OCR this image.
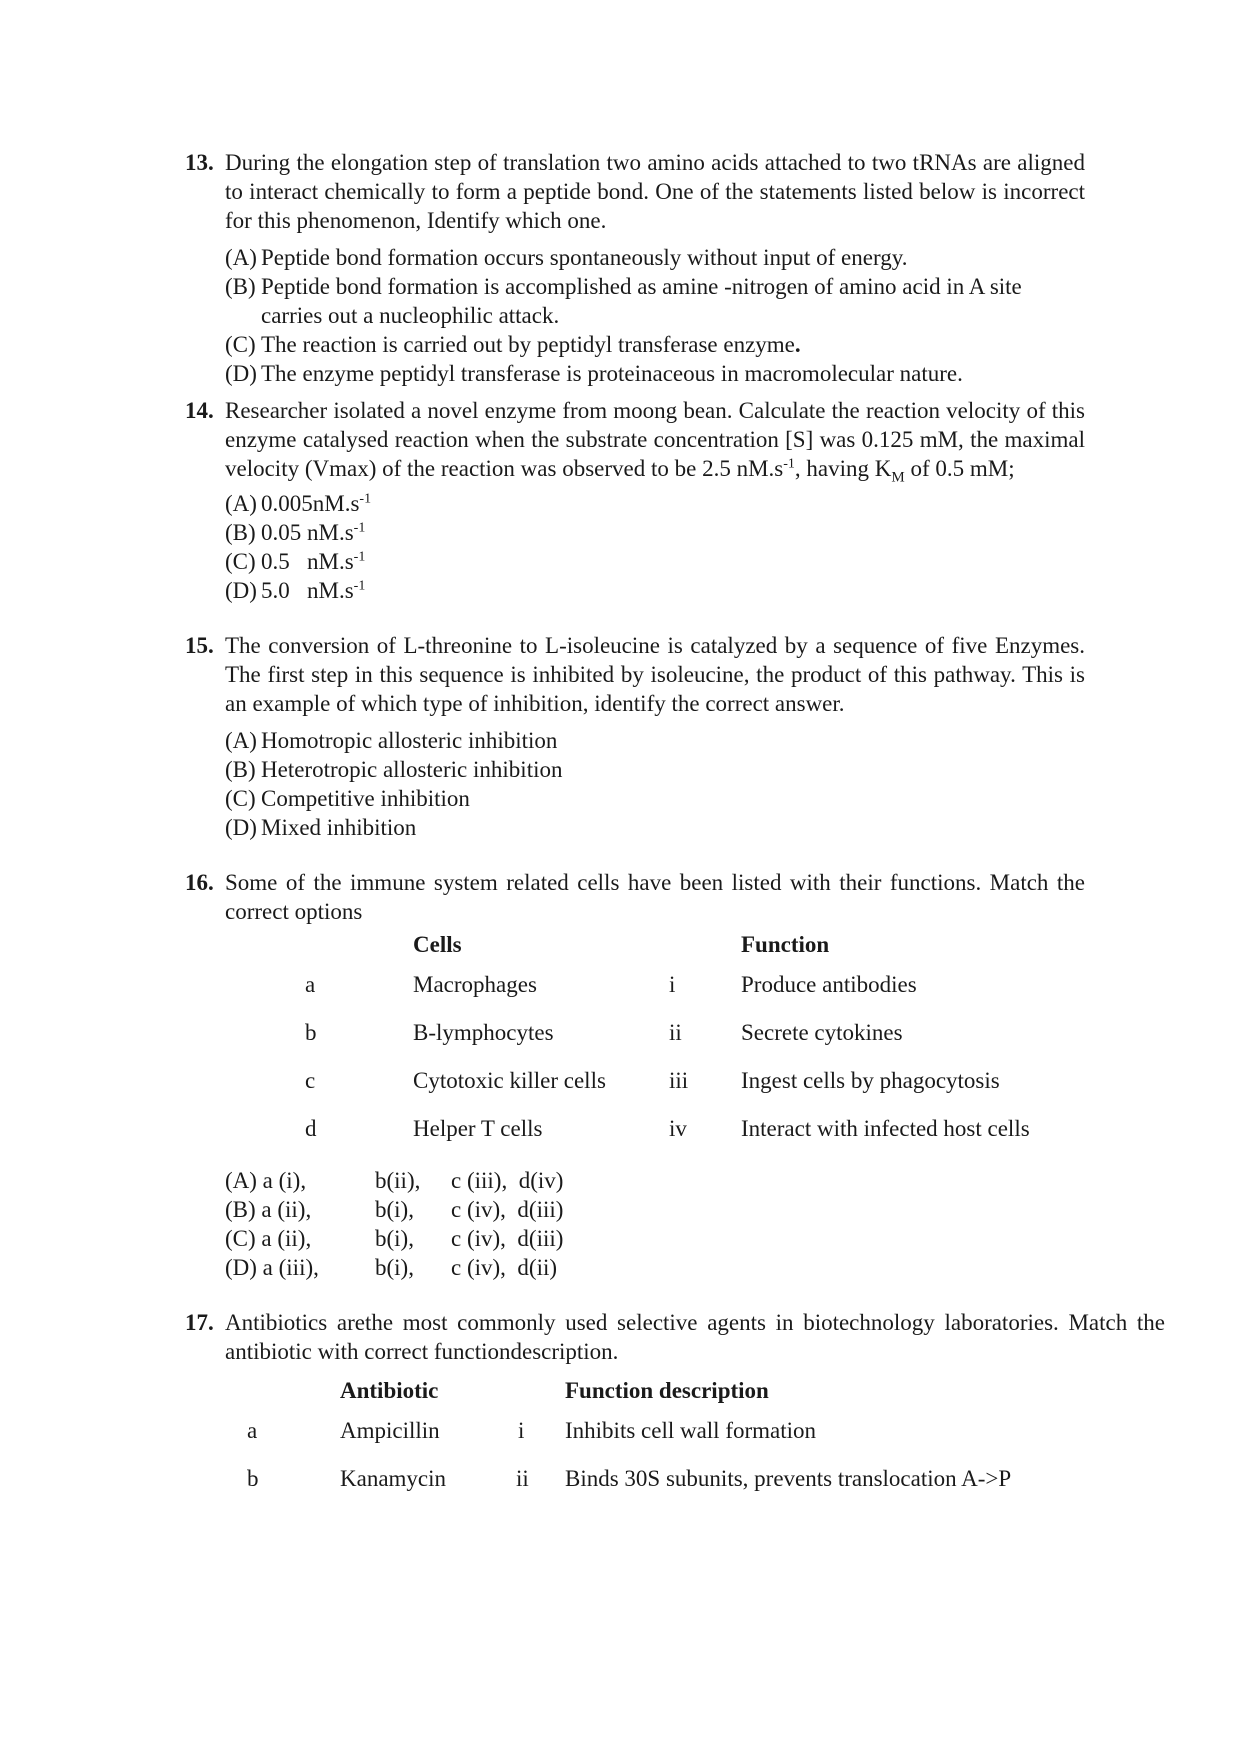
13. During the elongation step of translation two amino acids attached to two tRNAs are aligned to interact chemically to form a peptide bond. One of the statements listed below is incorrect for this phenomenon, Identify which one.
(A) Peptide bond formation occurs spontaneously without input of energy.
(B) Peptide bond formation is accomplished as amine -nitrogen of amino acid in A site carries out a nucleophilic attack.
(C) The reaction is carried out by peptidyl transferase enzyme.
(D) The enzyme peptidyl transferase is proteinaceous in macromolecular nature.
14. Researcher isolated a novel enzyme from moong bean. Calculate the reaction velocity of this enzyme catalysed reaction when the substrate concentration [S] was 0.125 mM, the maximal velocity (Vmax) of the reaction was observed to be 2.5 $nM.s^{-1}$, having $K_M$ of 0.5 mM;
(A) $0.005nM.s^{-1}$
(B) 0.05 $nM.s^{-1}$
(C) 0.5   $nM.s^{-1}$
(D) 5.0   $nM.s^{-1}$
15. The conversion of L-threonine to L-isoleucine is catalyzed by a sequence of five Enzymes. The first step in this sequence is inhibited by isoleucine, the product of this pathway. This is an example of which type of inhibition, identify the correct answer.
(A) Homotropic allosteric inhibition
(B) Heterotropic allosteric inhibition
(C) Competitive inhibition
(D) Mixed inhibition
16. Some of the immune system related cells have been listed with their functions. Match the correct options
	Cells		Function
a	Macrophages	i	Produce antibodies
b	B-lymphocytes	ii	Secrete cytokines
c	Cytotoxic killer cells	iii	Ingest cells by phagocytosis
d	Helper T cells	iv	Interact with infected host cells
(A) a (i),	b(ii),	c (iii),  d(iv)
(B) a (ii),	b(i),	c (iv),  d(iii)
(C) a (ii),	b(i),	c (iv),  d(iii)
(D) a (iii),	b(i),	c (iv),  d(ii)
17. Antibiotics arethe most commonly used selective agents in biotechnology laboratories. Match the antibiotic with correct functiondescription.
	Antibiotic		Function description
a	Ampicillin	i	Inhibits cell wall formation
b	Kanamycin	ii	Binds 30S subunits, prevents translocation A->P
